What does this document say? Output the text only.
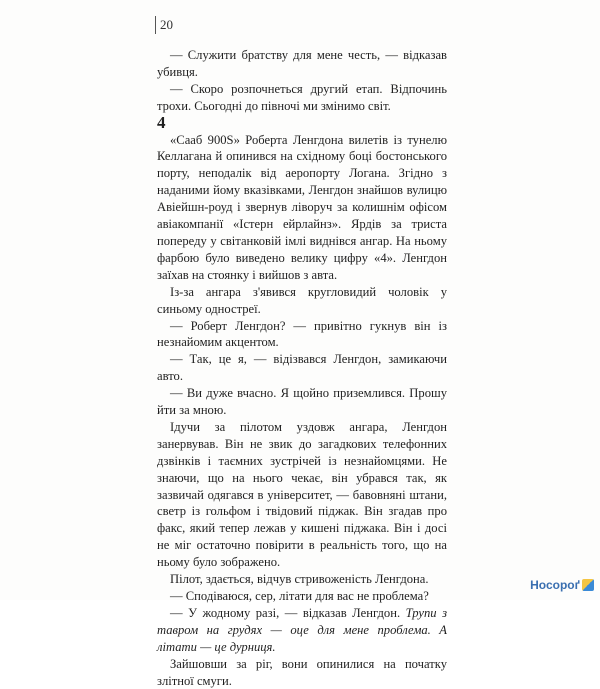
20

— Служити братству для мене честь, — відказав убивця.

— Скоро розпочнеться другий етап. Відпочинь трохи. Сьогодні до півночі ми змінимо світ.

4

«Сааб 900S» Роберта Ленгдона вилетів із тунелю Келлагана й опинився на східному боці бостонського порту, неподалік від аеропорту Логана. Згідно з наданими йому вказівками, Ленгдон знайшов вулицю Авіейшн-роуд і звернув ліворуч за колишнім офісом авіакомпанії «Істерн ейрлайнз». Ярдів за триста попереду у світанковій імлі виднівся ангар. На ньому фарбою було виведено велику цифру «4». Ленгдон заїхав на стоянку і вийшов з авта.

Із-за ангара з'явився кругловидий чоловік у синьому одностреї.

— Роберт Ленгдон? — привітно гукнув він із незнайомим акцентом.

— Так, це я, — відізвався Ленгдон, замикаючи авто.

— Ви дуже вчасно. Я щойно приземлився. Прошу йти за мною.

Ідучи за пілотом уздовж ангара, Ленгдон занервував. Він не звик до загадкових телефонних дзвінків і таємних зустрічей із незнайомцями. Не знаючи, що на нього чекає, він убрався так, як зазвичай одягався в університет, — бавовняні штани, светр із гольфом і твідовий піджак. Він згадав про факс, який тепер лежав у кишені піджака. Він і досі не міг остаточно повірити в реальність того, що на ньому було зображено.

Пілот, здається, відчув стривоженість Ленгдона.

— Сподіваюся, сер, літати для вас не проблема?

— У жодному разі, — відказав Ленгдон. Трупи з тавром на грудях — оце для мене проблема. А літати — це дурниця.

Зайшовши за ріг, вони опинилися на початку злітної смуги.

Носороґ
